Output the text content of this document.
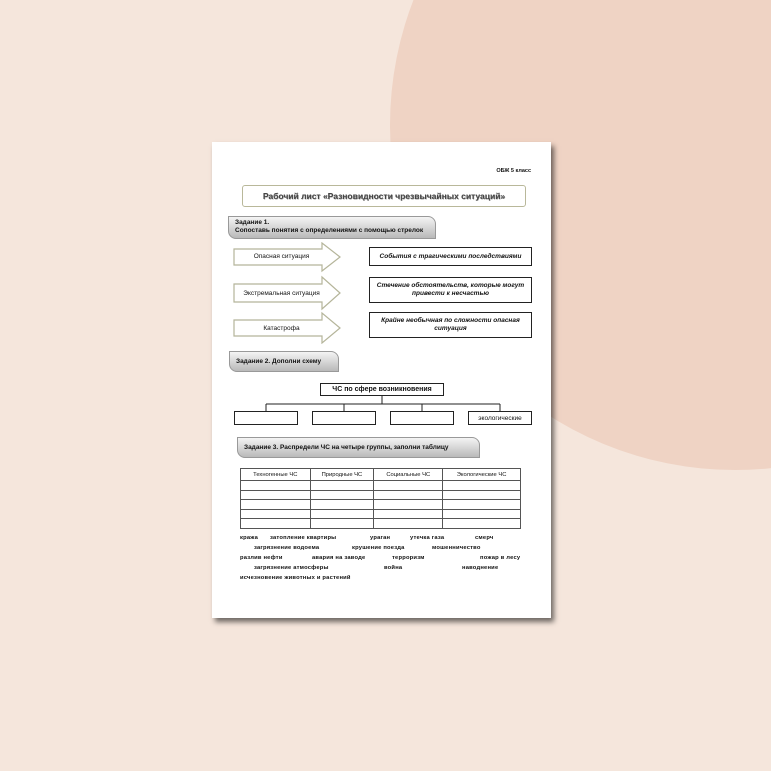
ОБЖ 5 класс
Рабочий лист «Разновидности чрезвычайных ситуаций»
Задание 1.
Сопоставь понятия с определениями с помощью стрелок
Опасная ситуация
Экстремальная ситуация
Катастрофа
События с трагическими последствиями
Стечение обстоятельств, которые могут привести к несчастью
Крайне необычная по сложности опасная ситуация
Задание 2. Дополни схему
ЧС по сфере возникновения
экологические
Задание 3. Распредели ЧС на четыре группы, заполни таблицу
Техногенные ЧС	Природные ЧС	Социальные ЧС	Экологические ЧС

кража затопление квартиры	ураган	утечка газа	смерч
загрязнение водоема	крушение поезда	мошенничество
разлив нефти	авария на заводе	терроризм	пожар в лесу
загрязнение атмосферы	война	наводнение
исчезновение животных и растений
